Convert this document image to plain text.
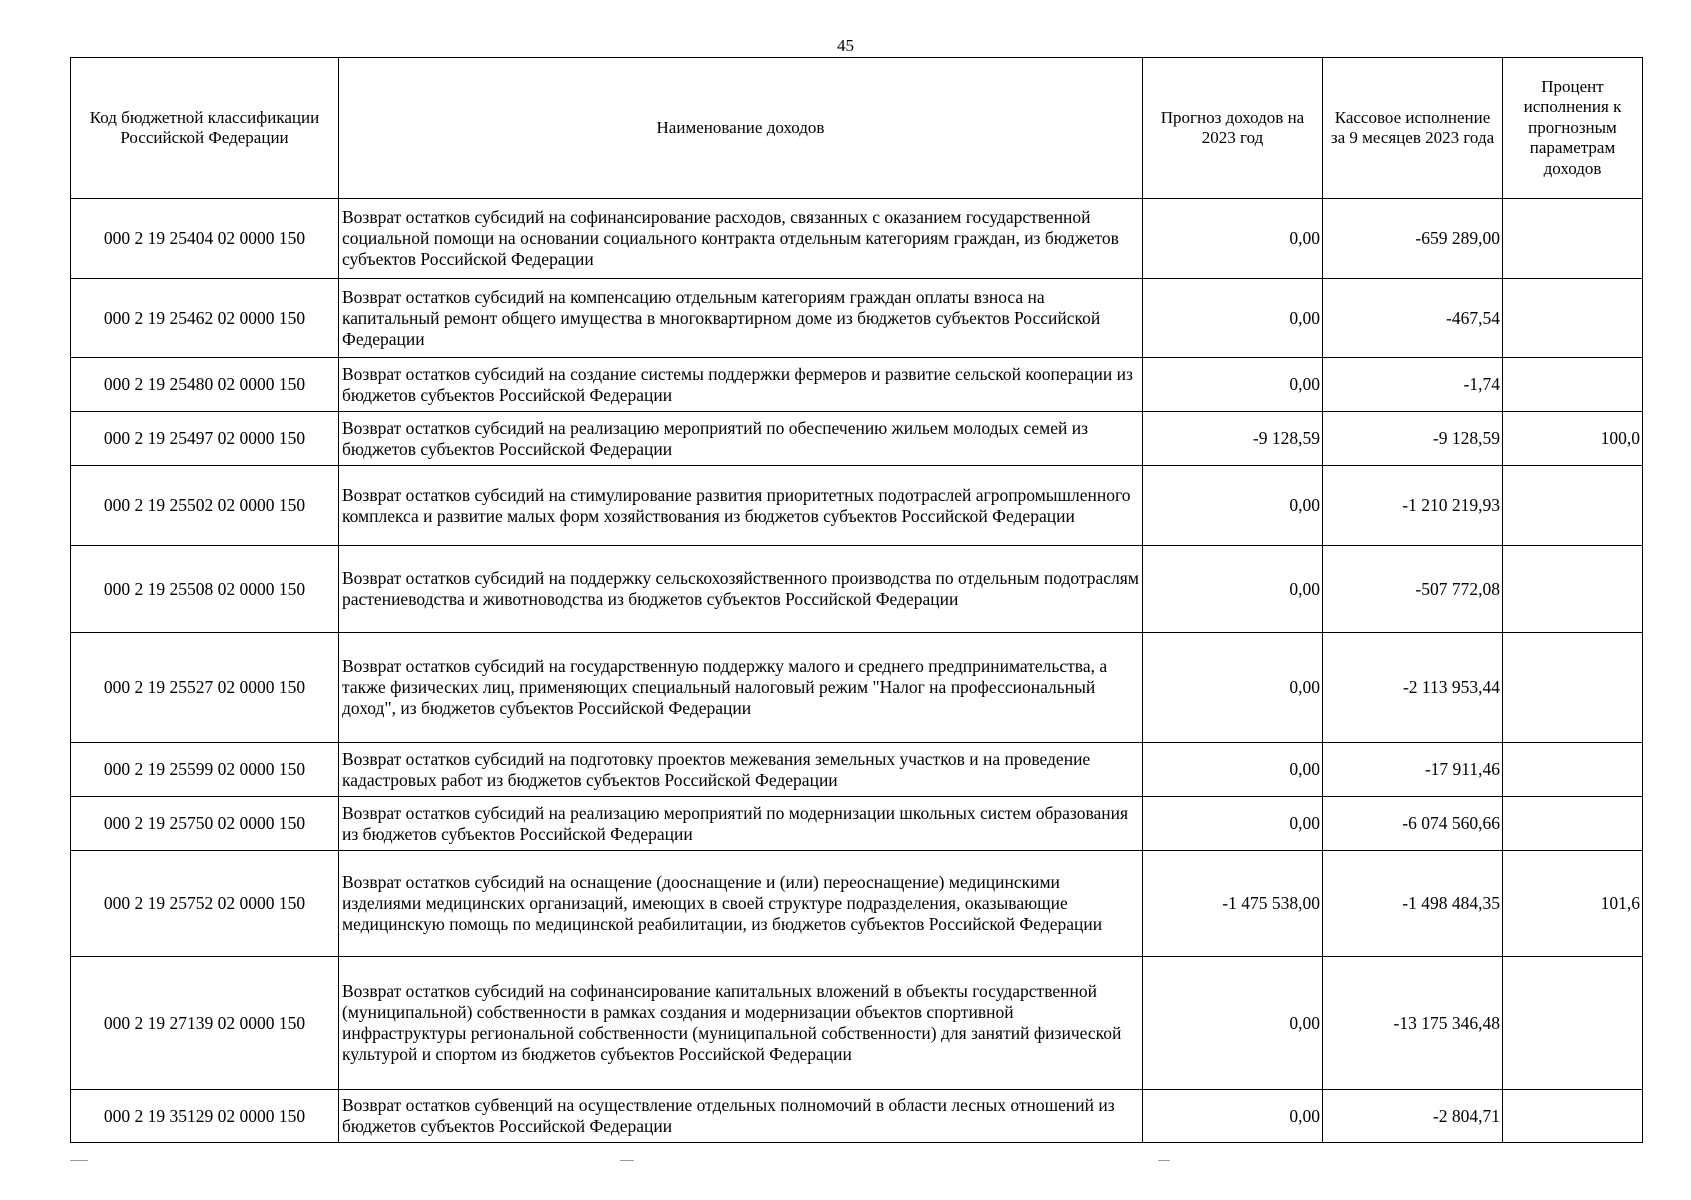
45
Код бюджетной классификации Российской Федерации	Наименование доходов	Прогноз доходов на 2023 год	Кассовое исполнение за 9 месяцев 2023 года	Процент исполнения к прогнозным параметрам доходов
000 2 19 25404 02 0000 150	Возврат остатков субсидий на софинансирование расходов, связанных с оказанием государственной социальной помощи на основании социального контракта отдельным категориям граждан, из бюджетов субъектов Российской Федерации	0,00	-659 289,00	
000 2 19 25462 02 0000 150	Возврат остатков субсидий на компенсацию отдельным категориям граждан оплаты взноса на капитальный ремонт общего имущества в многоквартирном доме из бюджетов субъектов Российской Федерации	0,00	-467,54	
000 2 19 25480 02 0000 150	Возврат остатков субсидий на создание системы поддержки фермеров и развитие сельской кооперации из бюджетов субъектов Российской Федерации	0,00	-1,74	
000 2 19 25497 02 0000 150	Возврат остатков субсидий на реализацию мероприятий по обеспечению жильем молодых семей из бюджетов субъектов Российской Федерации	-9 128,59	-9 128,59	100,0
000 2 19 25502 02 0000 150	Возврат остатков субсидий на стимулирование развития приоритетных подотраслей агропромышленного комплекса и развитие малых форм хозяйствования из бюджетов субъектов Российской Федерации	0,00	-1 210 219,93	
000 2 19 25508 02 0000 150	Возврат остатков субсидий на поддержку сельскохозяйственного производства по отдельным подотраслям растениеводства и животноводства из бюджетов субъектов Российской Федерации	0,00	-507 772,08	
000 2 19 25527 02 0000 150	Возврат остатков субсидий на государственную поддержку малого и среднего предпринимательства, а также физических лиц, применяющих специальный налоговый режим "Налог на профессиональный доход", из бюджетов субъектов Российской Федерации	0,00	-2 113 953,44	
000 2 19 25599 02 0000 150	Возврат остатков субсидий на подготовку проектов межевания земельных участков и на проведение кадастровых работ из бюджетов субъектов Российской Федерации	0,00	-17 911,46	
000 2 19 25750 02 0000 150	Возврат остатков субсидий на реализацию мероприятий по модернизации школьных систем образования из бюджетов субъектов Российской Федерации	0,00	-6 074 560,66	
000 2 19 25752 02 0000 150	Возврат остатков субсидий на оснащение (дооснащение и (или) переоснащение) медицинскими изделиями медицинских организаций, имеющих в своей структуре подразделения, оказывающие медицинскую помощь по медицинской реабилитации, из бюджетов субъектов Российской Федерации	-1 475 538,00	-1 498 484,35	101,6
000 2 19 27139 02 0000 150	Возврат остатков субсидий на софинансирование капитальных вложений в объекты государственной (муниципальной) собственности в рамках создания и модернизации объектов спортивной инфраструктуры региональной собственности (муниципальной собственности) для занятий физической культурой и спортом из бюджетов субъектов Российской Федерации	0,00	-13 175 346,48	
000 2 19 35129 02 0000 150	Возврат остатков субвенций на осуществление отдельных полномочий в области лесных отношений из бюджетов субъектов Российской Федерации	0,00	-2 804,71	
